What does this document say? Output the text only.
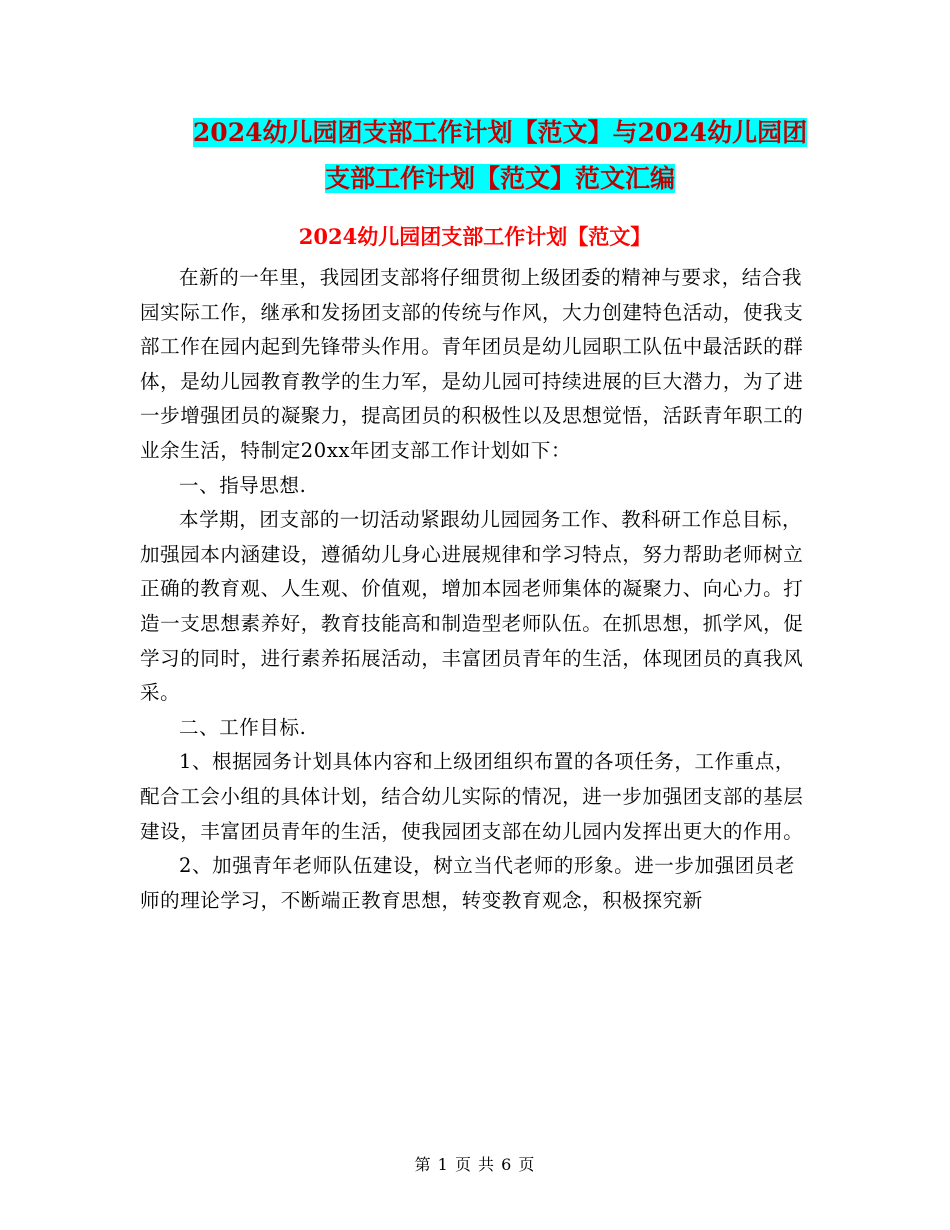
2024幼儿园团支部工作计划【范文】与2024幼儿园团
支部工作计划【范文】范文汇编
2024幼儿园团支部工作计划【范文】

在新的一年里，我园团支部将仔细贯彻上级团委的精神与要求，结合我园实际工作，继承和发扬团支部的传统与作风，大力创建特色活动，使我支部工作在园内起到先锋带头作用。青年团员是幼儿园职工队伍中最活跃的群体，是幼儿园教育教学的生力军，是幼儿园可持续进展的巨大潜力，为了进一步增强团员的凝聚力，提高团员的积极性以及思想觉悟，活跃青年职工的业余生活，特制定20xx年团支部工作计划如下：

一、指导思想.

本学期，团支部的一切活动紧跟幼儿园园务工作、教科研工作总目标，加强园本内涵建设，遵循幼儿身心进展规律和学习特点，努力帮助老师树立正确的教育观、人生观、价值观，增加本园老师集体的凝聚力、向心力。打造一支思想素养好，教育技能高和制造型老师队伍。在抓思想，抓学风，促学习的同时，进行素养拓展活动，丰富团员青年的生活，体现团员的真我风采。

二、工作目标.

1、根据园务计划具体内容和上级团组织布置的各项任务，工作重点，配合工会小组的具体计划，结合幼儿实际的情况，进一步加强团支部的基层建设，丰富团员青年的生活，使我园团支部在幼儿园内发挥出更大的作用。

2、加强青年老师队伍建设，树立当代老师的形象。进一步加强团员老师的理论学习，不断端正教育思想，转变教育观念，积极探究新

第 1 页 共 6 页
